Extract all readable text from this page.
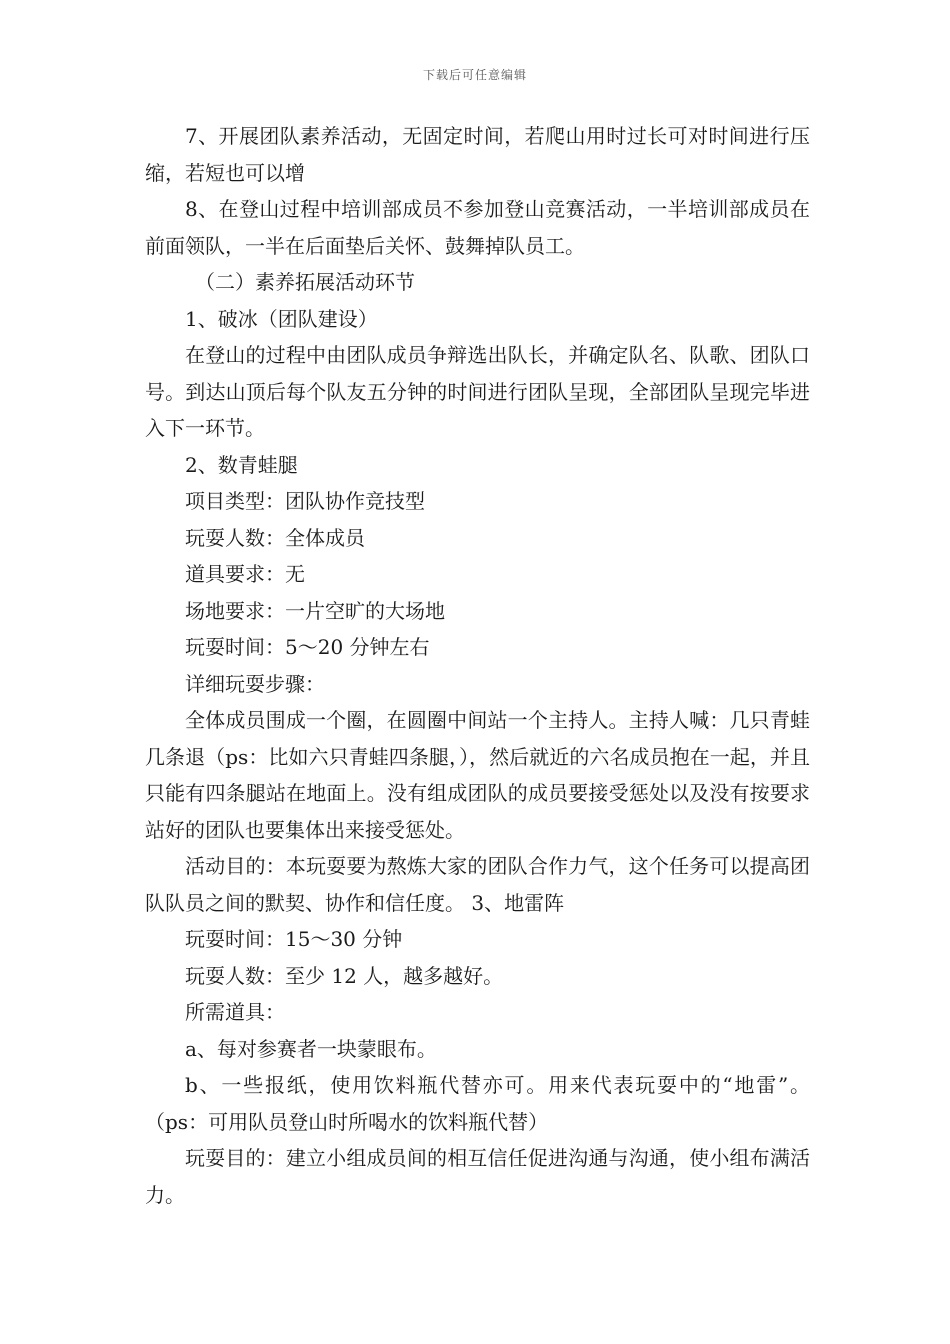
下载后可任意编辑

7、开展团队素养活动，无固定时间，若爬山用时过长可对时间进行压缩，若短也可以增

8、在登山过程中培训部成员不参加登山竞赛活动，一半培训部成员在前面领队，一半在后面垫后关怀、鼓舞掉队员工。

（二）素养拓展活动环节

1、破冰（团队建设）

在登山的过程中由团队成员争辩选出队长，并确定队名、队歌、团队口号。到达山顶后每个队友五分钟的时间进行团队呈现，全部团队呈现完毕进入下一环节。

2、数青蛙腿

项目类型：团队协作竞技型

玩耍人数：全体成员

道具要求：无

场地要求：一片空旷的大场地

玩耍时间：5～20 分钟左右

详细玩耍步骤：

全体成员围成一个圈，在圆圈中间站一个主持人。主持人喊：几只青蛙几条退（ps：比如六只青蛙四条腿，），然后就近的六名成员抱在一起，并且只能有四条腿站在地面上。没有组成团队的成员要接受惩处以及没有按要求站好的团队也要集体出来接受惩处。

活动目的：本玩耍要为熬炼大家的团队合作力气，这个任务可以提高团队队员之间的默契、协作和信任度。 3、地雷阵

玩耍时间：15～30 分钟

玩耍人数：至少 12 人，越多越好。

所需道具：

a、每对参赛者一块蒙眼布。

b、一些报纸，使用饮料瓶代替亦可。用来代表玩耍中的“地雷”。（ps：可用队员登山时所喝水的饮料瓶代替）

玩耍目的：建立小组成员间的相互信任促进沟通与沟通，使小组布满活力。
